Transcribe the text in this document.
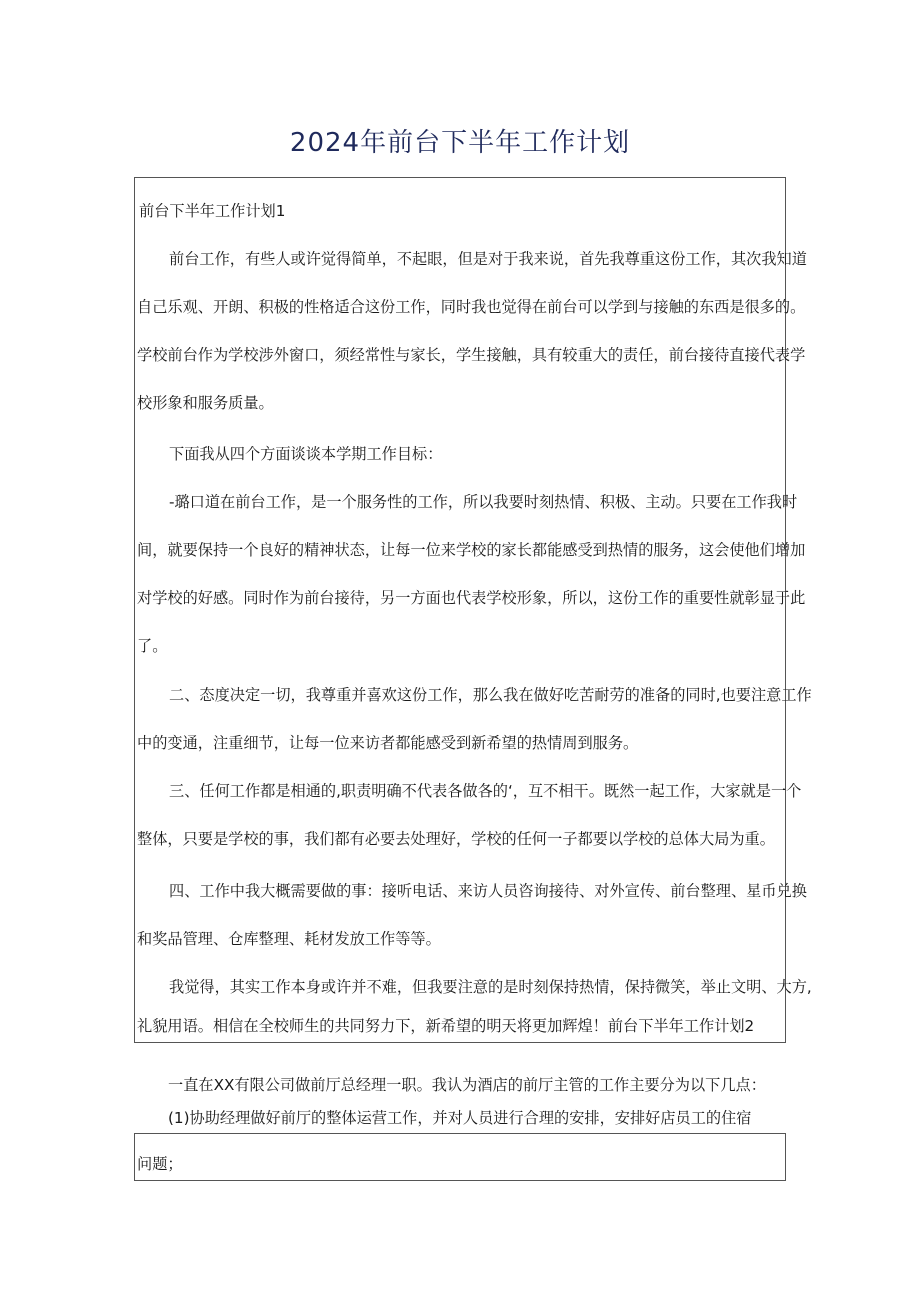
2024年前台下半年工作计划
前台下半年工作计划1
前台工作，有些人或许觉得简单，不起眼，但是对于我来说，首先我尊重这份工作，其次我知道
自己乐观、开朗、积极的性格适合这份工作，同时我也觉得在前台可以学到与接触的东西是很多的。
学校前台作为学校涉外窗口，须经常性与家长，学生接触，具有较重大的责任，前台接待直接代表学
校形象和服务质量。
下面我从四个方面谈谈本学期工作目标：
-璐口道在前台工作，是一个服务性的工作，所以我要时刻热情、积极、主动。只要在工作我时
间，就要保持一个良好的精神状态，让每一位来学校的家长都能感受到热情的服务，这会使他们增加
对学校的好感。同时作为前台接待，另一方面也代表学校形象，所以，这份工作的重要性就彰显于此
了。
二、态度决定一切，我尊重并喜欢这份工作，那么我在做好吃苦耐劳的准备的同时,也要注意工作
中的变通，注重细节，让每一位来访者都能感受到新希望的热情周到服务。
三、任何工作都是相通的,职责明确不代表各做各的‘，互不相干。既然一起工作，大家就是一个
整体，只要是学校的事，我们都有必要去处理好，学校的任何一子都要以学校的总体大局为重。
四、工作中我大概需要做的事：接听电话、来访人员咨询接待、对外宣传、前台整理、星币兑换
和奖品管理、仓库整理、耗材发放工作等等。
我觉得，其实工作本身或许并不难，但我要注意的是时刻保持热情，保持微笑，举止文明、大方,
礼貌用语。相信在全校师生的共同努力下，新希望的明天将更加辉煌！前台下半年工作计划2
一直在XX有限公司做前厅总经理一职。我认为酒店的前厅主管的工作主要分为以下几点：
(1)协助经理做好前厅的整体运营工作，并对人员进行合理的安排，安排好店员工的住宿
问题；
